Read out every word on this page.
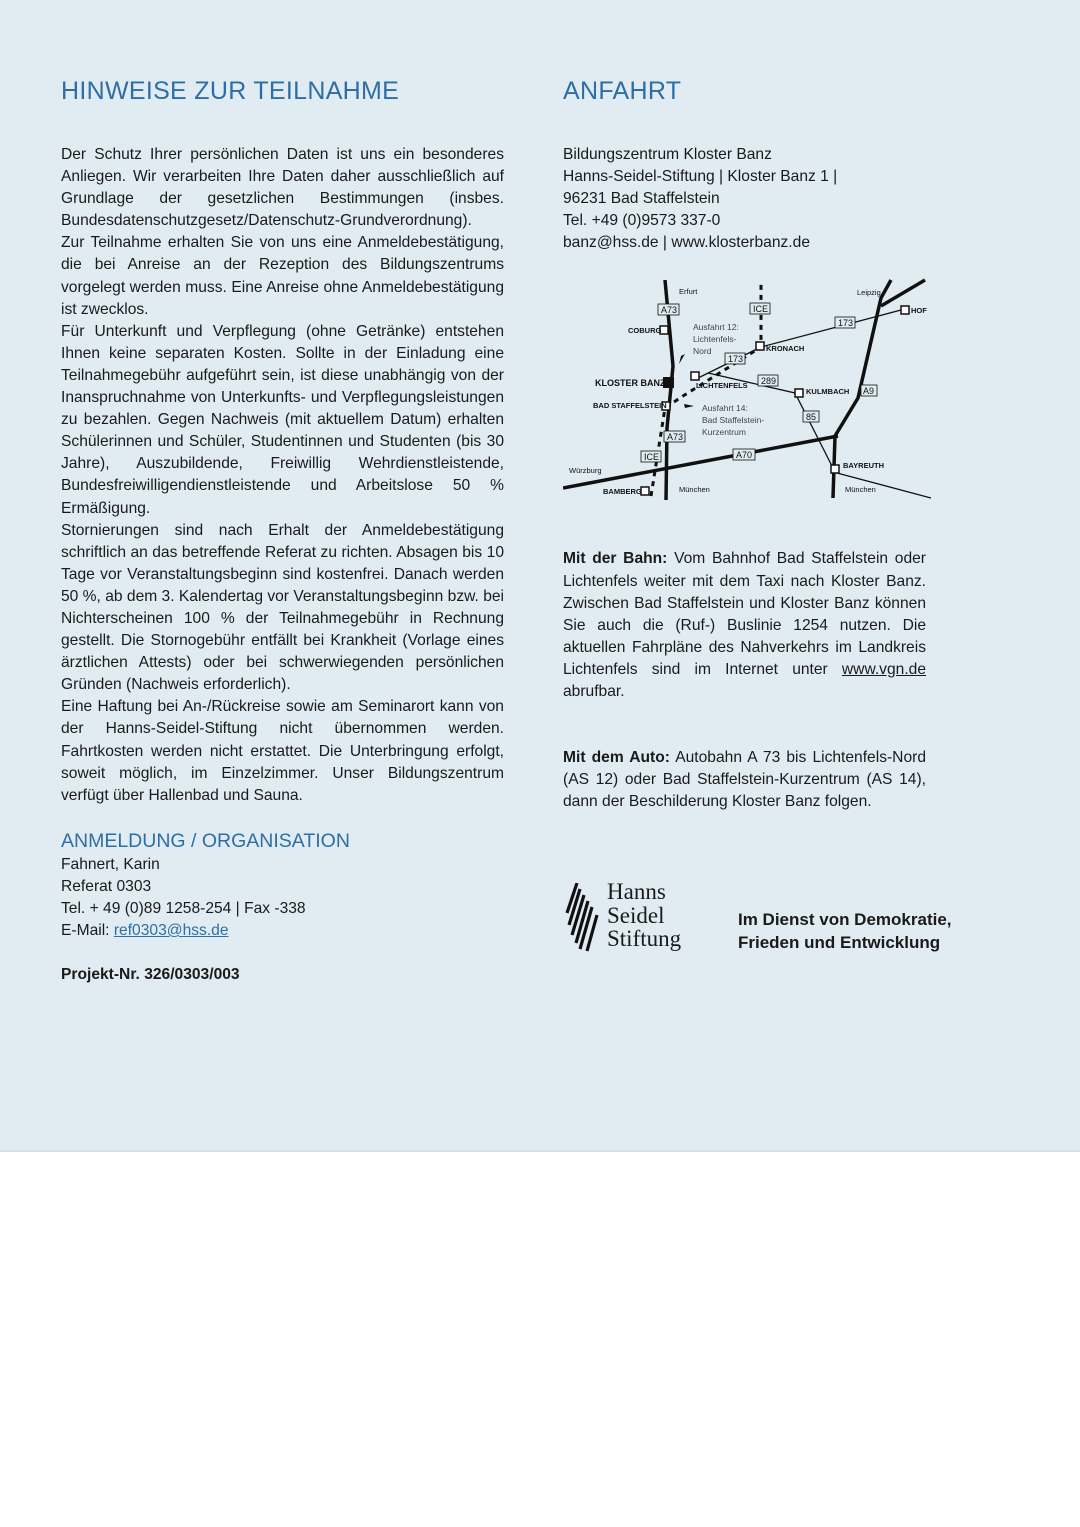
HINWEISE ZUR TEILNAHME

Der Schutz Ihrer persönlichen Daten ist uns ein besonderes Anliegen. Wir verarbeiten Ihre Daten daher ausschließlich auf Grundlage der gesetzlichen Bestimmungen (insbes. Bundesdatenschutzgesetz/Datenschutz-Grundverordnung).

Zur Teilnahme erhalten Sie von uns eine Anmeldebestätigung, die bei Anreise an der Rezeption des Bildungszentrums vorgelegt werden muss. Eine Anreise ohne Anmeldebestätigung ist zwecklos.

Für Unterkunft und Verpflegung (ohne Getränke) entstehen Ihnen keine separaten Kosten. Sollte in der Einladung eine Teilnahmegebühr aufgeführt sein, ist diese unabhängig von der Inanspruchnahme von Unterkunfts- und Verpflegungsleistungen zu bezahlen. Gegen Nachweis (mit aktuellem Datum) erhalten Schülerinnen und Schüler, Studentinnen und Studenten (bis 30 Jahre), Auszubildende, Freiwillig Wehrdienstleistende, Bundesfreiwilligendienstleistende und Arbeitslose 50 % Ermäßigung.

Stornierungen sind nach Erhalt der Anmeldebestätigung schriftlich an das betreffende Referat zu richten. Absagen bis 10 Tage vor Veranstaltungsbeginn sind kostenfrei. Danach werden 50 %, ab dem 3. Kalendertag vor Veranstaltungsbeginn bzw. bei Nichterscheinen 100 % der Teilnahmegebühr in Rechnung gestellt. Die Stornogebühr entfällt bei Krankheit (Vorlage eines ärztlichen Attests) oder bei schwerwiegenden persönlichen Gründen (Nachweis erforderlich).

Eine Haftung bei An-/Rückreise sowie am Seminarort kann von der Hanns-Seidel-Stiftung nicht übernommen werden. Fahrtkosten werden nicht erstattet. Die Unterbringung erfolgt, soweit möglich, im Einzelzimmer. Unser Bildungszentrum verfügt über Hallenbad und Sauna.

ANMELDUNG / ORGANISATION
Fahnert, Karin
Referat 0303
Tel. + 49 (0)89 1258-254 | Fax -338
E-Mail: ref0303@hss.de
Projekt-Nr. 326/0303/003
ANFAHRT
Bildungszentrum Kloster Banz
Hanns-Seidel-Stiftung | Kloster Banz 1 |
96231 Bad Staffelstein
Tel. +49 (0)9573 337-0
banz@hss.de | www.klosterbanz.de

Mit der Bahn: Vom Bahnhof Bad Staffelstein oder Lichtenfels weiter mit dem Taxi nach Kloster Banz. Zwischen Bad Staffelstein und Kloster Banz können Sie auch die (Ruf-) Buslinie 1254 nutzen. Die aktuellen Fahrpläne des Nahverkehrs im Landkreis Lichtenfels sind im Internet unter www.vgn.de abrufbar.

Mit dem Auto: Autobahn A 73 bis Lichtenfels-Nord (AS 12) oder Bad Staffelstein-Kurzentrum (AS 14), dann der Beschilderung Kloster Banz folgen.

A73
A73
ICE
ICE
173
173
289
85
A9
A70
Erfurt	Leipzig
HOF
COBURG
KRONACH
KLOSTER BANZ	LICHTENFELS
KULMBACH
BAD STAFFELSTEIN
Würzburg
BAMBERG	München
BAYREUTH
München
Ausfahrt 12:
Lichtenfels-
Nord
Ausfahrt 14:
Bad Staffelstein-
Kurzentrum
Hanns
Seidel
Stiftung
Im Dienst von Demokratie,
Frieden und Entwicklung
